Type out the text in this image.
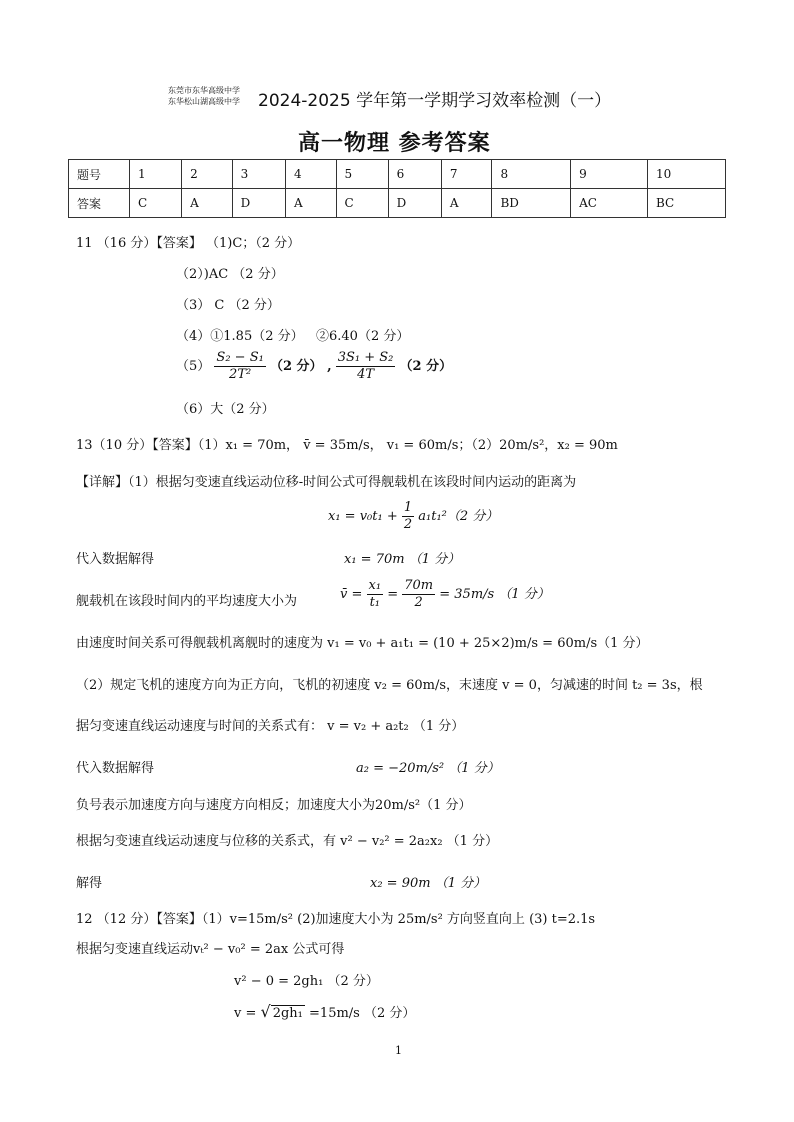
东莞市东华高级中学
东华松山湖高级中学 2024-2025 学年第一学期学习效率检测（一）
高一物理 参考答案
题号	1	2	3	4	5	6	7	8	9	10
答案	C	A	D	A	C	D	A	BD	AC	BC
11 （16 分）【答案】 （1)C；（2 分）
（2）)AC （2 分）
（3） C （2 分）
（4）①1.85（2 分） ②6.40（2 分）
$(5) \frac{\text{S₂ − S₁}}{\text{2T²}} (2$ 分） , $\frac{\text{3S₁ + S₂}}{4T} (2$ 分）
（6）大（2 分）
13（10 分）【答案】（1）x₁ = 70m， v̄ = 35m/s， v₁ = 60m/s；（2）20m/s²，x₂ = 90m
【详解】（1）根据匀变速直线运动位移-时间公式可得舰载机在该段时间内运动的距离为
$x_1 = v_0t_1 + \frac{1}{2} a_1t_1^2(2$ 分）
代入数据解得	x₁ = 70m （1 分）
舰载机在该段时间内的平均速度大小为	v̄ = $\frac{\text{x₁}}{\text{t₁}} = \frac{70m}{2} = 35m/s$ （1 分）
由速度时间关系可得舰载机离舰时的速度为 v₁ = v₀ + a₁t₁ = (10 + 25×2)m/s = 60m/s（1 分）
（2）规定飞机的速度方向为正方向，飞机的初速度 v₂ = 60m/s，末速度 v = 0，匀减速的时间 t₂ = 3s，根
据匀变速直线运动速度与时间的关系式有： v = v₂ + a₂t₂ （1 分）
代入数据解得	a₂ = −20m/s² （1 分）
负号表示加速度方向与速度方向相反；加速度大小为20m/s²（1 分）
根据匀变速直线运动速度与位移的关系式，有 v² − v₂² = 2a₂x₂ （1 分）
解得	x₂ = 90m （1 分）
12 （12 分）【答案】（1）v=15m/s² (2)加速度大小为 25m/s² 方向竖直向上 (3) t=2.1s
根据匀变速直线运动vₜ² − v₀² = 2ax 公式可得
v² − 0 = 2gh₁ （2 分）
v = √ 2gh₁ =15m/s （2 分）
1
